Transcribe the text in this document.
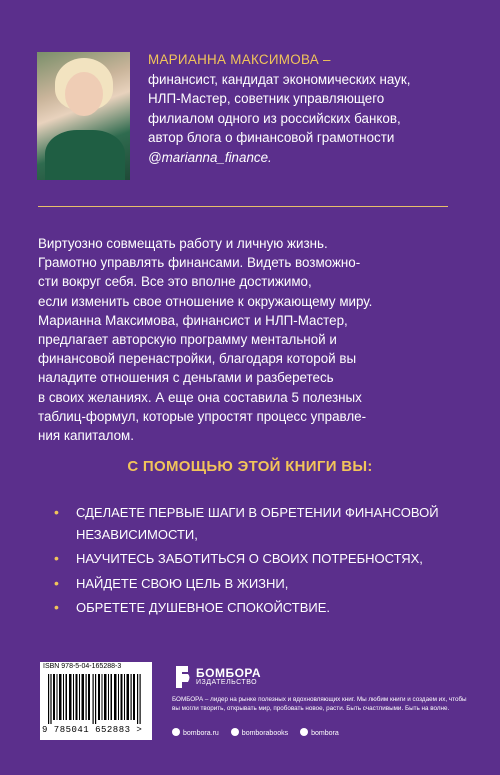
МАРИАННА МАКСИМОВА –
финансист, кандидат экономических наук,
НЛП-Мастер, советник управляющего
филиалом одного из российских банков,
автор блога о финансовой грамотности
@marianna_finance.
Виртуозно совмещать работу и личную жизнь.
Грамотно управлять финансами. Видеть возможно-
сти вокруг себя. Все это вполне достижимо,
если изменить свое отношение к окружающему миру.
Марианна Максимова, финансист и НЛП-Мастер,
предлагает авторскую программу ментальной и
финансовой перенастройки, благодаря которой вы
наладите отношения с деньгами и разберетесь
в своих желаниях. А еще она составила 5 полезных
таблиц-формул, которые упростят процесс управле-
ния капиталом.
С ПОМОЩЬЮ ЭТОЙ КНИГИ ВЫ:
• СДЕЛАЕТЕ ПЕРВЫЕ ШАГИ В ОБРЕТЕНИИ ФИНАНСОВОЙ НЕЗАВИСИМОСТИ,
• НАУЧИТЕСЬ ЗАБОТИТЬСЯ О СВОИХ ПОТРЕБНОСТЯХ,
• НАЙДЕТЕ СВОЮ ЦЕЛЬ В ЖИЗНИ,
• ОБРЕТЕТЕ ДУШЕВНОЕ СПОКОЙСТВИЕ.
ISBN 978-5-04-165288-3
9 785041 652883 >
БОМБОРА
ИЗДАТЕЛЬСТВО
БОМБОРА – лидер на рынке полезных и вдохновляющих книг. Мы любим книги и создаем их, чтобы вы могли творить, открывать мир, пробовать новое, расти. Быть счастливыми. Быть на волне.
bombora.ru	bomborabooks	bombora
